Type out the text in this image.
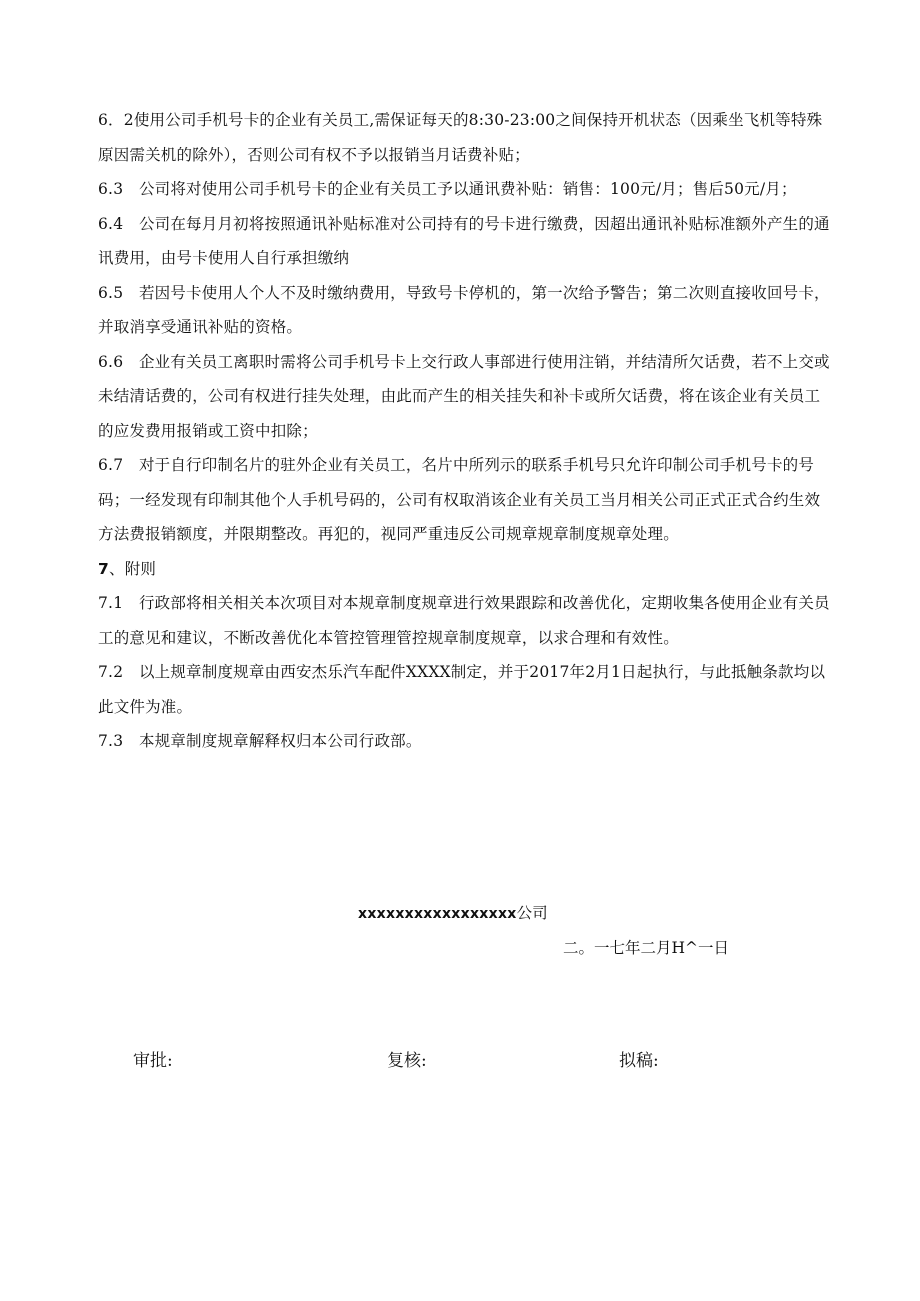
6．2使用公司手机号卡的企业有关员工,需保证每天的8:30-23:00之间保持开机状态（因乘坐飞机等特殊原因需关机的除外），否则公司有权不予以报销当月话费补贴；

6.3　公司将对使用公司手机号卡的企业有关员工予以通讯费补贴：销售：100元/月；售后50元/月；

6.4　公司在每月月初将按照通讯补贴标准对公司持有的号卡进行缴费，因超出通讯补贴标准额外产生的通讯费用，由号卡使用人自行承担缴纳

6.5　若因号卡使用人个人不及时缴纳费用，导致号卡停机的，第一次给予警告；第二次则直接收回号卡，并取消享受通讯补贴的资格。

6.6　企业有关员工离职时需将公司手机号卡上交行政人事部进行使用注销，并结清所欠话费，若不上交或未结清话费的，公司有权进行挂失处理，由此而产生的相关挂失和补卡或所欠话费，将在该企业有关员工的应发费用报销或工资中扣除；

6.7　对于自行印制名片的驻外企业有关员工，名片中所列示的联系手机号只允许印制公司手机号卡的号码；一经发现有印制其他个人手机号码的，公司有权取消该企业有关员工当月相关公司正式正式合约生效方法费报销额度，并限期整改。再犯的，视同严重违反公司规章规章制度规章处理。

7、附则

7.1　行政部将相关相关本次项目对本规章制度规章进行效果跟踪和改善优化，定期收集各使用企业有关员工的意见和建议，不断改善优化本管控管理管控规章制度规章，以求合理和有效性。

7.2　以上规章制度规章由西安杰乐汽车配件XXXX制定，并于2017年2月1日起执行，与此抵触条款均以此文件为准。

7.3　本规章制度规章解释权归本公司行政部。

xxxxxxxxxxxxxxxxx公司
二。一七年二月H^一日
审批:	复核:	拟稿:
